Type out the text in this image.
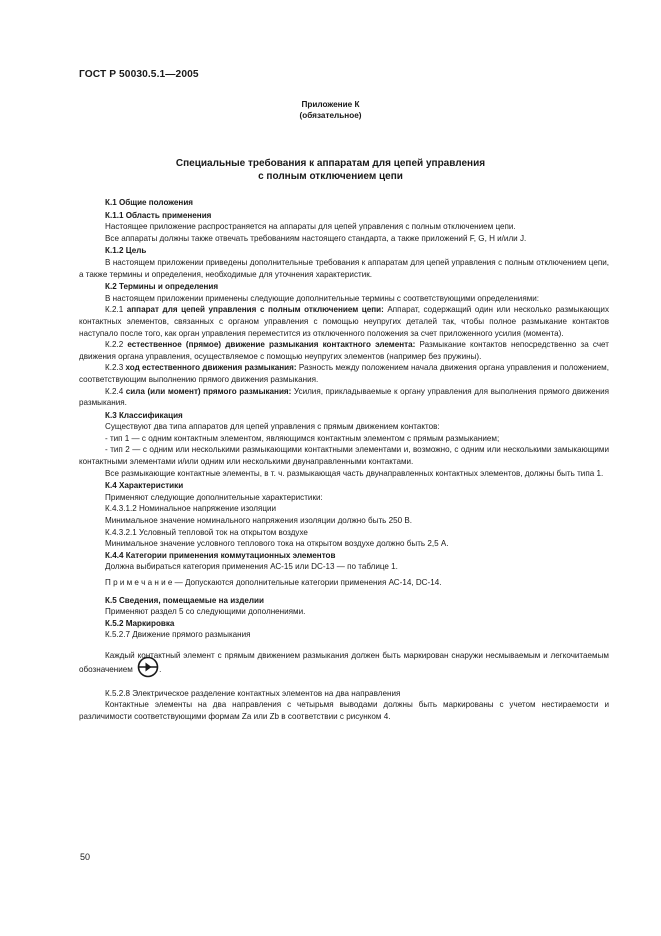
ГОСТ Р 50030.5.1—2005
Приложение К
(обязательное)
Специальные требования к аппаратам для цепей управления
с полным отключением цепи

К.1 Общие положения

К.1.1 Область применения

Настоящее приложение распространяется на аппараты для цепей управления с полным отключением цепи.

Все аппараты должны также отвечать требованиям настоящего стандарта, а также приложений F, G, H и/или J.

К.1.2 Цель

В настоящем приложении приведены дополнительные требования к аппаратам для цепей управления с полным отключением цепи, а также термины и определения, необходимые для уточнения характеристик.

К.2 Термины и определения

В настоящем приложении применены следующие дополнительные термины с соответствующими определениями:

К.2.1 аппарат для цепей управления с полным отключением цепи: Аппарат, содержащий один или несколько размыкающих контактных элементов, связанных с органом управления с помощью неупругих деталей так, чтобы полное размыкание контактов наступало после того, как орган управления переместится из отключенного положения за счет приложенного усилия (момента).

К.2.2 естественное (прямое) движение размыкания контактного элемента: Размыкание контактов непосредственно за счет движения органа управления, осуществляемое с помощью неупругих элементов (например без пружины).

К.2.3 ход естественного движения размыкания: Разность между положением начала движения органа управления и положением, соответствующим выполнению прямого движения размыкания.

К.2.4 сила (или момент) прямого размыкания: Усилия, прикладываемые к органу управления для выполнения прямого движения размыкания.

К.3 Классификация

Существуют два типа аппаратов для цепей управления с прямым движением контактов:

- тип 1 — с одним контактным элементом, являющимся контактным элементом с прямым размыканием;

- тип 2 — с одним или несколькими размыкающими контактными элементами и, возможно, с одним или несколькими замыкающими контактными элементами и/или одним или несколькими двунаправленными контактами.

Все размыкающие контактные элементы, в т. ч. размыкающая часть двунаправленных контактных элементов, должны быть типа 1.

К.4 Характеристики

Применяют следующие дополнительные характеристики:

К.4.3.1.2 Номинальное напряжение изоляции

Минимальное значение номинального напряжения изоляции должно быть 250 В.

К.4.3.2.1 Условный тепловой ток на открытом воздухе

Минимальное значение условного теплового тока на открытом воздухе должно быть 2,5 А.

К.4.4 Категории применения коммутационных элементов

Должна выбираться категория применения АС-15 или DC-13 — по таблице 1.

П р и м е ч а н и е — Допускаются дополнительные категории применения АС-14, DC-14.

К.5 Сведения, помещаемые на изделии

Применяют раздел 5 со следующими дополнениями.

К.5.2 Маркировка

К.5.2.7 Движение прямого размыкания

Каждый контактный элемент с прямым движением размыкания должен быть маркирован снаружи несмываемым и легкочитаемым обозначением	.

К.5.2.8 Электрическое разделение контактных элементов на два направления

Контактные элементы на два направления с четырьмя выводами должны быть маркированы с учетом нестираемости и различимости соответствующими формам Za или Zb в соответствии с рисунком 4.

50
